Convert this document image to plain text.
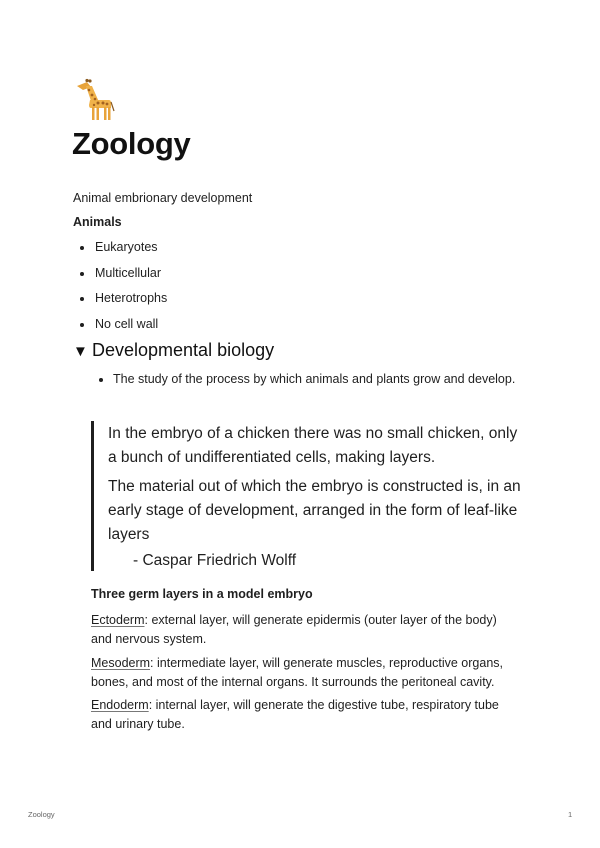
Zoology

Animal embrionary development

Animals

Eukaryotes
Multicellular
Heterotrophs
No cell wall
▼ Developmental biology
The study of the process by which animals and plants grow and develop.

In the embryo of a chicken there was no small chicken, only a bunch of undifferentiated cells, making layers.

The material out of which the embryo is constructed is, in an early stage of development, arranged in the form of leaf-like layers

- Caspar Friedrich Wolff

Three germ layers in a model embryo

Ectoderm: external layer, will generate epidermis (outer layer of the body) and nervous system.

Mesoderm: intermediate layer, will generate muscles, reproductive organs, bones, and most of the internal organs. It surrounds the peritoneal cavity.

Endoderm: internal layer, will generate the digestive tube, respiratory tube and urinary tube.

Zoology	1
